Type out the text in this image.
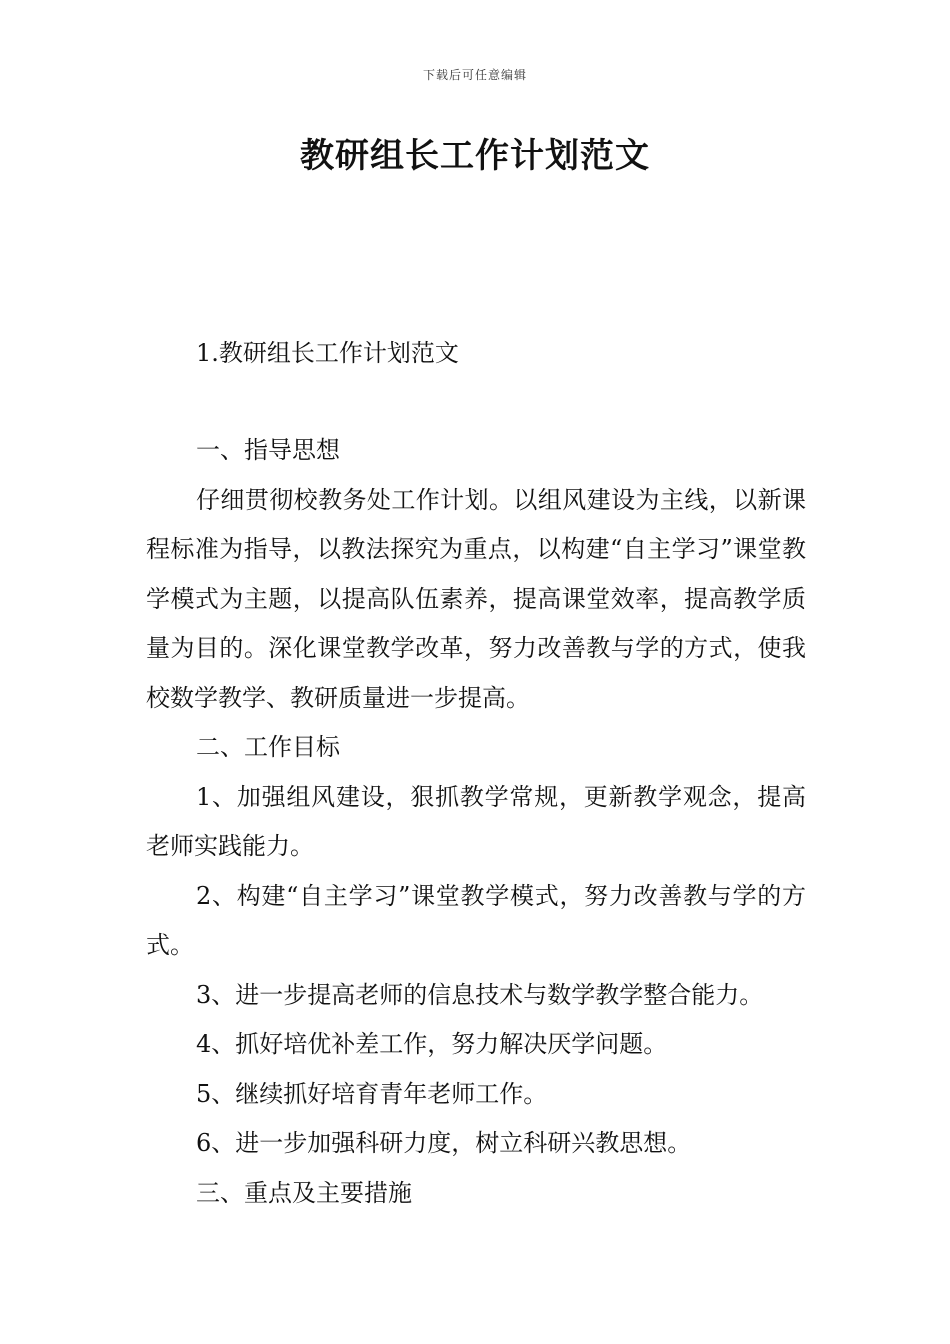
下载后可任意编辑
教研组长工作计划范文
1.教研组长工作计划范文

一、指导思想

仔细贯彻校教务处工作计划。以组风建设为主线，以新课程标准为指导，以教法探究为重点，以构建“自主学习”课堂教学模式为主题，以提高队伍素养，提高课堂效率，提高教学质量为目的。深化课堂教学改革，努力改善教与学的方式，使我校数学教学、教研质量进一步提高。

二、工作目标

1、加强组风建设，狠抓教学常规，更新教学观念，提高老师实践能力。

2、构建“自主学习”课堂教学模式，努力改善教与学的方式。

3、进一步提高老师的信息技术与数学教学整合能力。

4、抓好培优补差工作，努力解决厌学问题。

5、继续抓好培育青年老师工作。

6、进一步加强科研力度，树立科研兴教思想。

三、重点及主要措施
